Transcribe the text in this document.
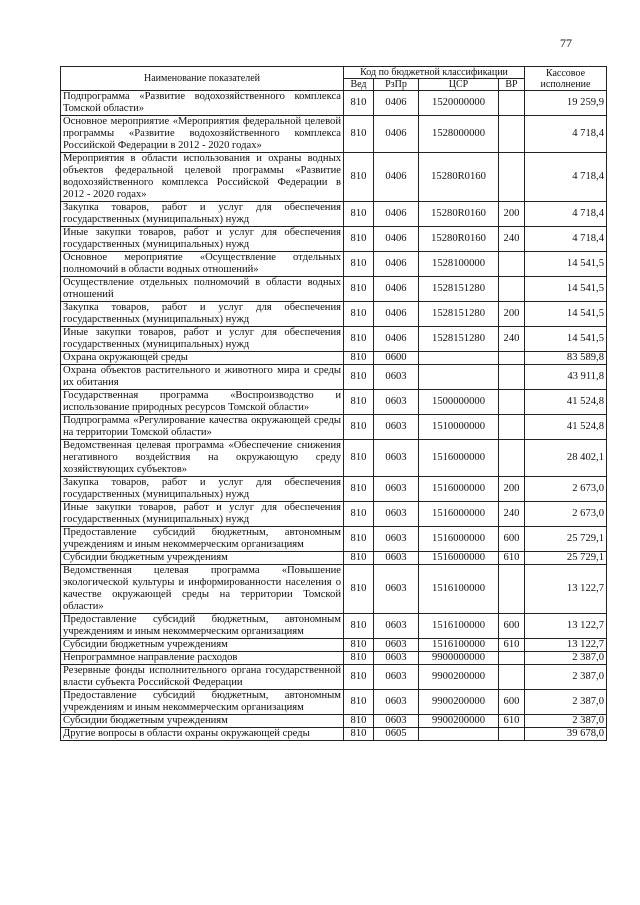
77
Наименование показателей	Код по бюджетной классификации				Кассовое исполнение
	Вед	РзПр	ЦСР	ВР	
Подпрограмма «Развитие водохозяйственного комплекса Томской области»	810	0406	1520000000		19 259,9
Основное мероприятие «Мероприятия федеральной целевой программы «Развитие водохозяйственного комплекса Российской Федерации в 2012 - 2020 годах»	810	0406	1528000000		4 718,4
Мероприятия в области использования и охраны водных объектов федеральной целевой программы «Развитие водохозяйственного комплекса Российской Федерации в 2012 - 2020 годах»	810	0406	15280R0160		4 718,4
Закупка товаров, работ и услуг для обеспечения государственных (муниципальных) нужд	810	0406	15280R0160	200	4 718,4
Иные закупки товаров, работ и услуг для обеспечения государственных (муниципальных) нужд	810	0406	15280R0160	240	4 718,4
Основное мероприятие «Осуществление отдельных полномочий в области водных отношений»	810	0406	1528100000		14 541,5
Осуществление отдельных полномочий в области водных отношений	810	0406	1528151280		14 541,5
Закупка товаров, работ и услуг для обеспечения государственных (муниципальных) нужд	810	0406	1528151280	200	14 541,5
Иные закупки товаров, работ и услуг для обеспечения государственных (муниципальных) нужд	810	0406	1528151280	240	14 541,5
Охрана окружающей среды	810	0600			83 589,8
Охрана объектов растительного и животного мира и среды их обитания	810	0603			43 911,8
Государственная программа «Воспроизводство и использование природных ресурсов Томской области»	810	0603	1500000000		41 524,8
Подпрограмма «Регулирование качества окружающей среды на территории Томской области»	810	0603	1510000000		41 524,8
Ведомственная целевая программа «Обеспечение снижения негативного воздействия на окружающую среду хозяйствующих субъектов»	810	0603	1516000000		28 402,1
Закупка товаров, работ и услуг для обеспечения государственных (муниципальных) нужд	810	0603	1516000000	200	2 673,0
Иные закупки товаров, работ и услуг для обеспечения государственных (муниципальных) нужд	810	0603	1516000000	240	2 673,0
Предоставление субсидий бюджетным, автономным учреждениям и иным некоммерческим организациям	810	0603	1516000000	600	25 729,1
Субсидии бюджетным учреждениям	810	0603	1516000000	610	25 729,1
Ведомственная целевая программа «Повышение экологической культуры и информированности населения о качестве окружающей среды на территории Томской области»	810	0603	1516100000		13 122,7
Предоставление субсидий бюджетным, автономным учреждениям и иным некоммерческим организациям	810	0603	1516100000	600	13 122,7
Субсидии бюджетным учреждениям	810	0603	1516100000	610	13 122,7
Непрограммное направление расходов	810	0603	9900000000		2 387,0
Резервные фонды исполнительного органа государственной власти субъекта Российской Федерации	810	0603	9900200000		2 387,0
Предоставление субсидий бюджетным, автономным учреждениям и иным некоммерческим организациям	810	0603	9900200000	600	2 387,0
Субсидии бюджетным учреждениям	810	0603	9900200000	610	2 387,0
Другие вопросы в области охраны окружающей среды	810	0605			39 678,0
